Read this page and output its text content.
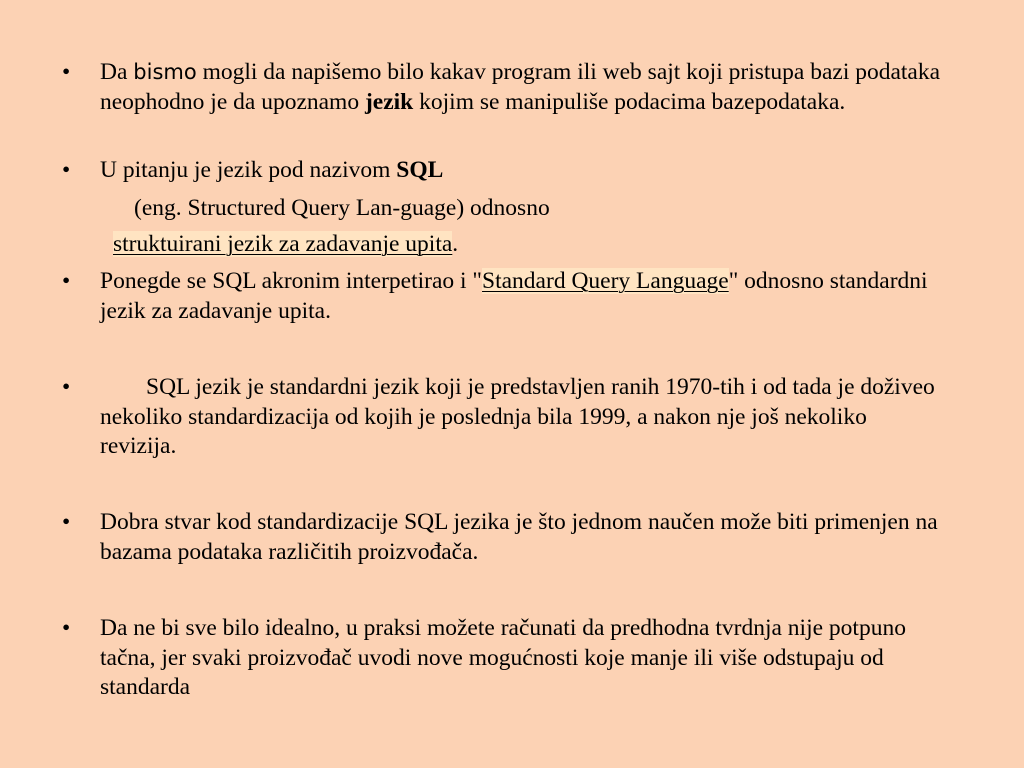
•	Da bismo mogli da napišemo bilo kakav program ili web sajt koji pristupa bazi podataka neophodno je da upoznamo jezik kojim se manipuliše podacima bazepodataka.
•	U pitanju je jezik pod nazivom SQL
(eng. Structured Query Lan-guage) odnosno
struktuirani jezik za zadavanje upita.
•	Ponegde se SQL akronim interpetirao i "Standard Query Language" odnosno standardni jezik za zadavanje upita.
•	SQL jezik je standardni jezik koji je predstavljen ranih 1970-tih i od tada je doživeo nekoliko standardizacija od kojih je poslednja bila 1999, a nakon nje još nekoliko revizija.
•	Dobra stvar kod standardizacije SQL jezika je što jednom naučen može biti primenjen na bazama podataka različitih proizvođača.
•	Da ne bi sve bilo idealno, u praksi možete računati da predhodna tvrdnja nije potpuno tačna, jer svaki proizvođač uvodi nove mogućnosti koje manje ili više odstupaju od standarda
